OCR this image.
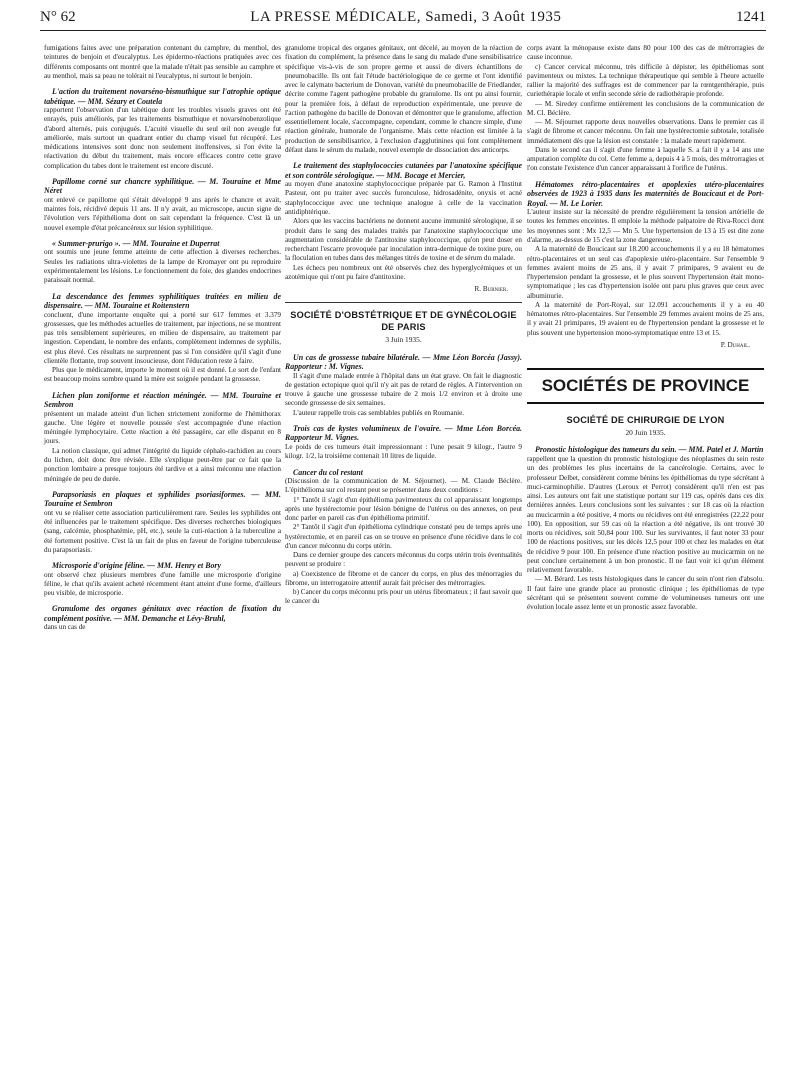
N° 62	LA PRESSE MÉDICALE, Samedi, 3 Août 1935	1241

fumigations faites avec une préparation contenant du camphre, du menthol, des teintures de benjoin et d'eucalyptus. Les épidermo-réactions pratiquées avec ces différents composants ont montré que la malade n'était pas sensible au camphre et au menthol, mais sa peau ne tolérait ni l'eucalyptus, ni surtout le benjoin.

L'action du traitement novarséno-bismuthique sur l'atrophie optique tabétique. — MM. Sézary et Coutela

rapportent l'observation d'un tabétique dont les troubles visuels graves ont été enrayés, puis améliorés, par les traitements bismuthique et novarsénobenzolique d'abord alternés, puis conjugués. L'acuité visuelle du seul œil non aveugle fut améliorée, mais surtout un quadrant entier du champ visuel fut récupéré. Les médications intensives sont donc non seulement inoffensives, si l'on évite la réactivation du début du traitement, mais encore efficaces contre cette grave complication du tabes dont le traitement est encore discuté.

Papillome corné sur chancre syphilitique. — M. Touraine et Mme Néret

ont enlevé ce papillome qui s'était développé 9 ans après le chancre et avait, maintes fois, récidivé depuis 11 ans. Il n'y avait, au microscope, aucun signe de l'évolution vers l'épithélioma dont on sait cependant la fréquence. C'est là un nouvel exemple d'état précancéreux sur lésion syphilitique.

« Summer-prurigo ». — MM. Touraine et Duperrat

ont soumis une jeune femme atteinte de cette affection à diverses recherches. Seules les radiations ultra-violettes de la lampe de Kromayer ont pu reproduire expérimentalement les lésions. Le fonctionnement du foie, des glandes endocrines paraissait normal.

La descendance des femmes syphilitiques traitées en milieu de dispensaire. — MM. Touraine et Roitenstern

concluent, d'une importante enquête qui a porté sur 617 femmes et 3.379 grossesses, que les méthodes actuelles de traitement, par injections, ne se montrent pas très sensiblement supérieures, en milieu de dispensaire, au traitement par ingestion. Cependant, le nombre des enfants, complètement indemnes de syphilis, est plus élevé. Ces résultats ne surprennent pas si l'on considère qu'il s'agit d'une clientèle flottante, trop souvent insoucieuse, dont l'éducation reste à faire.

Plus que le médicament, importe le moment où il est donné. Le sort de l'enfant est beaucoup moins sombre quand la mère est soignée pendant la grossesse.

Lichen plan zoniforme et réaction méningée. — MM. Touraine et Sembron

présentent un malade atteint d'un lichen strictement zoniforme de l'hémithorax gauche. Une légère et nouvelle poussée s'est accompagnée d'une réaction méningée lymphocytaire. Cette réaction a été passagère, car elle disparut en 8 jours.

La notion classique, qui admet l'intégrité du liquide céphalo-rachidien au cours du lichen, doit donc être révisée. Elle s'explique peut-être par ce fait que la ponction lombaire a presque toujours été tardive et a ainsi méconnu une réaction méningée de peu de durée.

Parapsoriasis en plaques et syphilides psoriasiformes. — MM. Touraine et Sembron

ont vu se réaliser cette association particulièrement rare. Seules les syphilides ont été influencées par le traitement spécifique. Des diverses recherches biologiques (sang, calcémie, phosphatémie, pH, etc.), seule la cuti-réaction à la tuberculine a été fortement positive. C'est là un fait de plus en faveur de l'origine tuberculeuse du parapsoriasis.

Microsporie d'origine féline. — MM. Henry et Bory

ont observé chez plusieurs membres d'une famille une microsporie d'origine féline, le chat qu'ils avaient acheté récemment étant atteint d'une forme, d'ailleurs peu visible, de microsporie.

Granulome des organes génitaux avec réaction de fixation du complément positive. — MM. Demanche et Lévy-Bruhl,

dans un cas de

granulome tropical des organes génitaux, ont décelé, au moyen de la réaction de fixation du complément, la présence dans le sang du malade d'une sensibilisatrice spécifique vis-à-vis de son propre germe et aussi de divers échantillons de pneumobacille. Ils ont fait l'étude bactériologique de ce germe et l'ont identifié avec le calymato bacterium de Donovan, variété du pneumobacille de Friedlander, décrite comme l'agent pathogène probable du granulome. Ils ont pu ainsi fournir, pour la première fois, à défaut de reproduction expérimentale, une preuve de l'action pathogène du bacille de Donovan et démontrer que le granulome, affection essentiellement locale, s'accompagne, cependant, comme le chancre simple, d'une réaction générale, humorale de l'organisme. Mais cette réaction est limitée à la production de sensibilisatrice, à l'exclusion d'agglutinines qui font complètement défaut dans le sérum du malade, nouvel exemple de dissociation des anticorps.

Le traitement des staphylococcies cutanées par l'anatoxine spécifique et son contrôle sérologique. — MM. Bocage et Mercier,

au moyen d'une anatoxine staphylococcique préparée par G. Ramon à l'Institut Pasteur, ont pu traiter avec succès furonculose, hidrosadénite, onyxis et acné staphylococcique avec une technique analogue à celle de la vaccination antidiphtérique.

Alors que les vaccins bactériens ne donnent aucune immunité sérologique, il se produit dans le sang des malades traités par l'anatoxine staphylococcique une augmentation considérable de l'antitoxine staphylococcique, qu'on peut doser en recherchant l'escarre provoquée par inoculation intra-dermique de toxine pure, ou la floculation en tubes dans des mélanges titrés de toxine et de sérum du malade.

Les échecs peu nombreux ont été observés chez des hyperglycémiques et un azotémique qui n'ont pu faire d'antitoxine.

R. Burnier.

SOCIÉTÉ D'OBSTÉTRIQUE ET DE GYNÉCOLOGIE DE PARIS
3 Juin 1935.

Un cas de grossesse tubaire bilatérale. — Mme Léon Borcéa (Jassy). Rapporteur : M. Vignes.

Il s'agit d'une malade entrée à l'hôpital dans un état grave. On fait le diagnostic de gestation ectopique quoi qu'il n'y ait pas de retard de règles. A l'intervention on trouve à gauche une grossesse tubaire de 2 mois 1/2 environ et à droite une seconde grossesse de six semaines.

L'auteur rappelle trois cas semblables publiés en Roumanie.

Trois cas de kystes volumineux de l'ovaire. — Mme Léon Borcéa. Rapporteur M. Vignes.

Le poids de ces tumeurs était impressionnant : l'une pesait 9 kilogr., l'autre 9 kilogr. 1/2, la troisième contenait 10 litres de liquide.

Cancer du col restant

(Discussion de la communication de M. Séjournet). — M. Claude Béclère. L'épithélioma sur col restant peut se présenter dans deux conditions :

1° Tantôt il s'agit d'un épithélioma pavimenteux du col apparaissant longtemps après une hystérectomie pour lésion bénigne de l'utérus ou des annexes, on peut donc parler en pareil cas d'un épithélioma primitif.

2° Tantôt il s'agit d'un épithélioma cylindrique constaté peu de temps après une hystérectomie, et en pareil cas on se trouve en présence d'une récidive dans le col d'un cancer méconnu du corps utérin.

Dans ce dernier groupe des cancers méconnus du corps utérin trois éventualités peuvent se produire :

a) Coexistence de fibrome et de cancer du corps, en plus des ménorragies du fibrome, un interrogatoire attentif aurait fait préciser des métrorragies.

b) Cancer du corps méconnu pris pour un utérus fibromateux ; il faut savoir que le cancer du

corps avant la ménopause existe dans 80 pour 100 des cas de métrorragies de cause inconnue.

c) Cancer cervical méconnu, très difficile à dépister, les épithéliomas sont pavimenteux ou mixtes. La technique thérapeutique qui semble à l'heure actuelle rallier la majorité des suffrages est de commencer par la rœntgenthérapie, puis curiethérapie locale et enfin seconde série de radiothérapie profonde.

— M. Siredey confirme entièrement les conclusions de la communication de M. Cl. Béclère.

— M. Séjournet rapporte deux nouvelles observations. Dans le premier cas il s'agit de fibrome et cancer méconnu. On fait une hystérectomie subtotale, totalisée immédiatement dès que la lésion est constatée : la malade meurt rapidement.

Dans le second cas il s'agit d'une femme à laquelle S. a fait il y a 14 ans une amputation complète du col. Cette femme a, depuis 4 à 5 mois, des métrorragies et l'on constate l'existence d'un cancer apparaissant à l'orifice de l'utérus.

Hématomes rétro-placentaires et apoplexies utéro-placentaires observées de 1923 à 1935 dans les maternités de Boucicaut et de Port-Royal. — M. Le Lorier.

L'auteur insiste sur la nécessité de prendre régulièrement la tension artérielle de toutes les femmes enceintes. Il emploie la méthode palpatoire de Riva-Rocci dont les moyennes sont : Mx 12,5 — Mn 5. Une hypertension de 13 à 15 est dite zone d'alarme, au-dessus de 15 c'est la zone dangereuse.

A la maternité de Boucicaut sur 18.200 accouchements il y a eu 18 hématomes rétro-placentaires et un seul cas d'apoplexie utéro-placentaire. Sur l'ensemble 9 femmes avaient moins de 25 ans, il y avait 7 primipares, 9 avaient eu de l'hypertension pendant la grossesse, et le plus souvent l'hypertension était mono-symptomatique ; les cas d'hypertension isolée ont paru plus graves que ceux avec albuminurie.

A la maternité de Port-Royal, sur 12.091 accouchements il y a eu 40 hématomes rétro-placentaires. Sur l'ensemble 29 femmes avaient moins de 25 ans, il y avait 21 primipares, 19 avaient eu de l'hypertension pendant la grossesse et le plus souvent une hypertension mono-symptomatique entre 13 et 15.

P. Duhail.

SOCIÉTÉS DE PROVINCE
SOCIÉTÉ DE CHIRURGIE DE LYON
20 Juin 1935.

Pronostic histologique des tumeurs du sein. — MM. Patel et J. Martin

rappellent que la question du pronostic histologique des néoplasmes du sein reste un des problèmes les plus incertains de la cancérologie. Certains, avec le professeur Delbet, considèrent comme bénins les épithéliomas du type sécrétant à muci-carminophilie. D'autres (Leroux et Perrot) considèrent qu'il n'en est pas ainsi. Les auteurs ont fait une statistique portant sur 119 cas, opérés dans ces dix dernières années. Leurs conclusions sont les suivantes : sur 18 cas où la réaction au mucicarmin a été positive, 4 morts ou récidives ont été enregistrées (22,22 pour 100). En opposition, sur 59 cas où la réaction a été négative, ils ont trouvé 30 morts ou récidives, soit 50,84 pour 100. Sur les survivantes, il faut noter 33 pour 100 de réactions positives, sur les décès 12,5 pour 100 et chez les malades en état de récidive 9 pour 100. En présence d'une réaction positive au mucicarmin on ne peut conclure certainement à un bon pronostic. Il ne faut voir ici qu'un élément relativement favorable.

— M. Bérard. Les tests histologiques dans le cancer du sein n'ont rien d'absolu. Il faut faire une grande place au pronostic clinique ; les épithéliomas de type sécrétant qui se présentent souvent comme de volumineuses tumeurs ont une évolution locale assez lente et un pronostic assez favorable.
